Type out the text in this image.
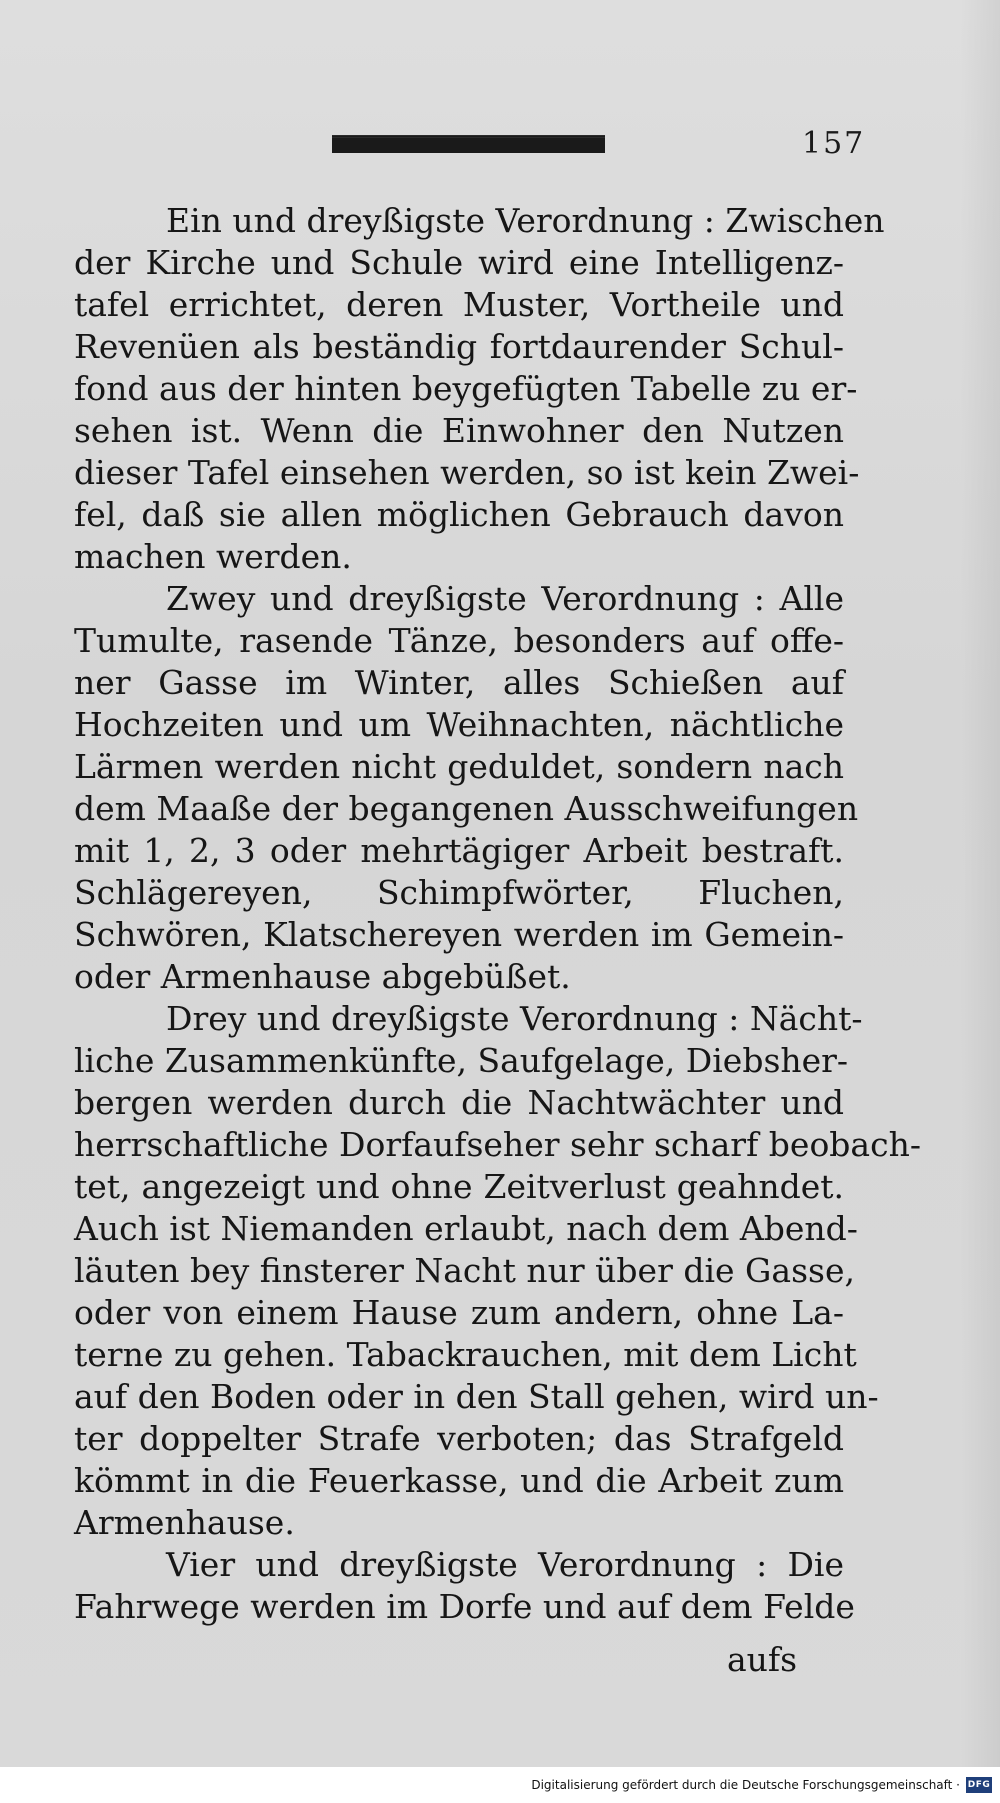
157
Ein und dreyßigste Verordnung : Zwischen
der Kirche und Schule wird eine Intelligenz-
tafel errichtet, deren Muster, Vortheile und
Revenüen als beständig fortdaurender Schul-
fond aus der hinten beygefügten Tabelle zu er-
sehen ist. Wenn die Einwohner den Nutzen
dieser Tafel einsehen werden, so ist kein Zwei-
fel, daß sie allen möglichen Gebrauch davon
machen werden.
Zwey und dreyßigste Verordnung : Alle
Tumulte, rasende Tänze, besonders auf offe-
ner Gasse im Winter, alles Schießen auf
Hochzeiten und um Weihnachten, nächtliche
Lärmen werden nicht geduldet, sondern nach
dem Maaße der begangenen Ausschweifungen
mit 1, 2, 3 oder mehrtägiger Arbeit bestraft.
Schlägereyen, Schimpfwörter, Fluchen,
Schwören, Klatschereyen werden im Gemein-
oder Armenhause abgebüßet.
Drey und dreyßigste Verordnung : Nächt-
liche Zusammenkünfte, Saufgelage, Diebsher-
bergen werden durch die Nachtwächter und
herrschaftliche Dorfaufseher sehr scharf beobach-
tet, angezeigt und ohne Zeitverlust geahndet.
Auch ist Niemanden erlaubt, nach dem Abend-
läuten bey finsterer Nacht nur über die Gasse,
oder von einem Hause zum andern, ohne La-
terne zu gehen. Tabackrauchen, mit dem Licht
auf den Boden oder in den Stall gehen, wird un-
ter doppelter Strafe verboten; das Strafgeld
kömmt in die Feuerkasse, und die Arbeit zum
Armenhause.
Vier und dreyßigste Verordnung : Die
Fahrwege werden im Dorfe und auf dem Felde
aufs
Digitalisierung gefördert durch die Deutsche Forschungsgemeinschaft · DFG
